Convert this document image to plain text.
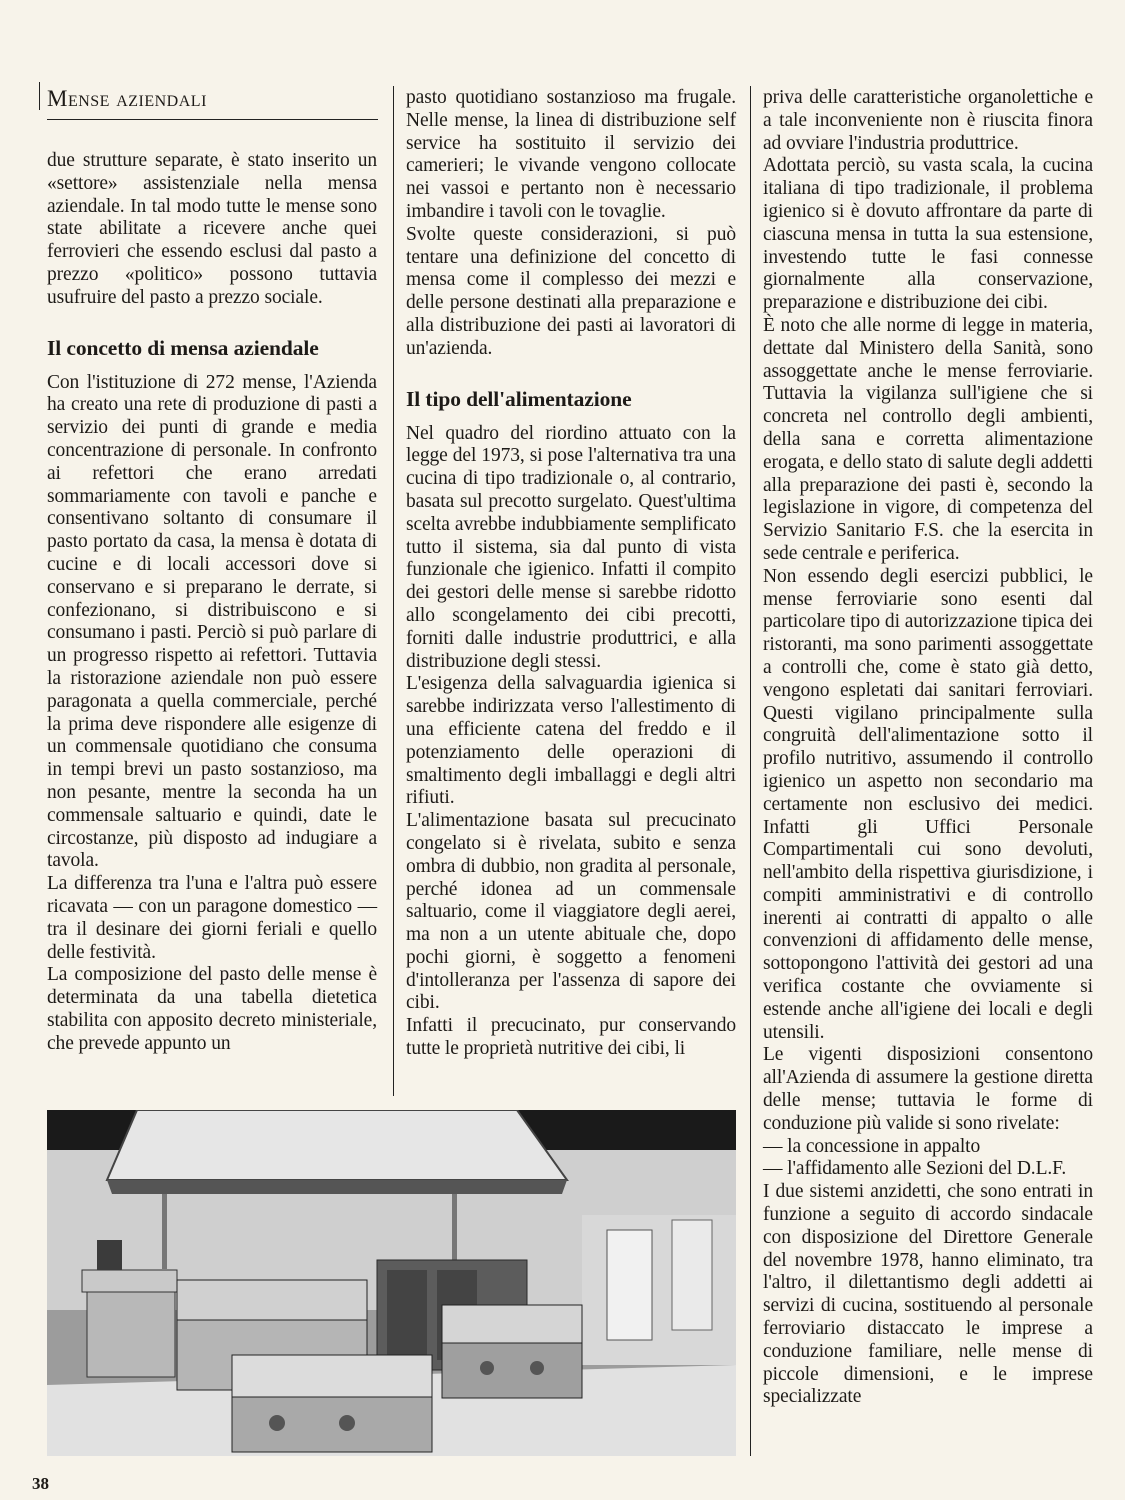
Mense aziendali

due strutture separate, è stato inserito un «settore» assistenziale nella mensa aziendale. In tal modo tutte le mense sono state abilitate a ricevere anche quei ferrovieri che essendo esclusi dal pasto a prezzo «politico» possono tuttavia usufruire del pasto a prezzo sociale.

Il concetto di mensa aziendale

Con l'istituzione di 272 mense, l'Azienda ha creato una rete di produzione di pasti a servizio dei punti di grande e media concentrazione di personale. In confronto ai refettori che erano arredati sommariamente con tavoli e panche e consentivano soltanto di consumare il pasto portato da casa, la mensa è dotata di cucine e di locali accessori dove si conservano e si preparano le derrate, si confezionano, si distribuiscono e si consumano i pasti. Perciò si può parlare di un progresso rispetto ai refettori. Tuttavia la ristorazione aziendale non può essere paragonata a quella commerciale, perché la prima deve rispondere alle esigenze di un commensale quotidiano che consuma in tempi brevi un pasto sostanzioso, ma non pesante, mentre la seconda ha un commensale saltuario e quindi, date le circostanze, più disposto ad indugiare a tavola.

La differenza tra l'una e l'altra può essere ricavata — con un paragone domestico — tra il desinare dei giorni feriali e quello delle festività.

La composizione del pasto delle mense è determinata da una tabella dietetica stabilita con apposito decreto ministeriale, che prevede appunto un

pasto quotidiano sostanzioso ma frugale. Nelle mense, la linea di distribuzione self service ha sostituito il servizio dei camerieri; le vivande vengono collocate nei vassoi e pertanto non è necessario imbandire i tavoli con le tovaglie.

Svolte queste considerazioni, si può tentare una definizione del concetto di mensa come il complesso dei mezzi e delle persone destinati alla preparazione e alla distribuzione dei pasti ai lavoratori di un'azienda.

Il tipo dell'alimentazione

Nel quadro del riordino attuato con la legge del 1973, si pose l'alternativa tra una cucina di tipo tradizionale o, al contrario, basata sul precotto surgelato. Quest'ultima scelta avrebbe indubbiamente semplificato tutto il sistema, sia dal punto di vista funzionale che igienico. Infatti il compito dei gestori delle mense si sarebbe ridotto allo scongelamento dei cibi precotti, forniti dalle industrie produttrici, e alla distribuzione degli stessi.

L'esigenza della salvaguardia igienica si sarebbe indirizzata verso l'allestimento di una efficiente catena del freddo e il potenziamento delle operazioni di smaltimento degli imballaggi e degli altri rifiuti.

L'alimentazione basata sul precucinato congelato si è rivelata, subito e senza ombra di dubbio, non gradita al personale, perché idonea ad un commensale saltuario, come il viaggiatore degli aerei, ma non a un utente abituale che, dopo pochi giorni, è soggetto a fenomeni d'intolleranza per l'assenza di sapore dei cibi.

Infatti il precucinato, pur conservando tutte le proprietà nutritive dei cibi, li

priva delle caratteristiche organolettiche e a tale inconveniente non è riuscita finora ad ovviare l'industria produttrice.

Adottata perciò, su vasta scala, la cucina italiana di tipo tradizionale, il problema igienico si è dovuto affrontare da parte di ciascuna mensa in tutta la sua estensione, investendo tutte le fasi connesse giornalmente alla conservazione, preparazione e distribuzione dei cibi.

È noto che alle norme di legge in materia, dettate dal Ministero della Sanità, sono assoggettate anche le mense ferroviarie. Tuttavia la vigilanza sull'igiene che si concreta nel controllo degli ambienti, della sana e corretta alimentazione erogata, e dello stato di salute degli addetti alla preparazione dei pasti è, secondo la legislazione in vigore, di competenza del Servizio Sanitario F.S. che la esercita in sede centrale e periferica.

Non essendo degli esercizi pubblici, le mense ferroviarie sono esenti dal particolare tipo di autorizzazione tipica dei ristoranti, ma sono parimenti assoggettate a controlli che, come è stato già detto, vengono espletati dai sanitari ferroviari. Questi vigilano principalmente sulla congruità dell'alimentazione sotto il profilo nutritivo, assumendo il controllo igienico un aspetto non secondario ma certamente non esclusivo dei medici. Infatti gli Uffici Personale Compartimentali cui sono devoluti, nell'ambito della rispettiva giurisdizione, i compiti amministrativi e di controllo inerenti ai contratti di appalto o alle convenzioni di affidamento delle mense, sottopongono l'attività dei gestori ad una verifica costante che ovviamente si estende anche all'igiene dei locali e degli utensili.

Le vigenti disposizioni consentono all'Azienda di assumere la gestione diretta delle mense; tuttavia le forme di conduzione più valide si sono rivelate:

— la concessione in appalto

— l'affidamento alle Sezioni del D.L.F.

I due sistemi anzidetti, che sono entrati in funzione a seguito di accordo sindacale con disposizione del Direttore Generale del novembre 1978, hanno eliminato, tra l'altro, il dilettantismo degli addetti ai servizi di cucina, sostituendo al personale ferroviario distaccato le imprese a conduzione familiare, nelle mense di piccole dimensioni, e le imprese specializzate

38
